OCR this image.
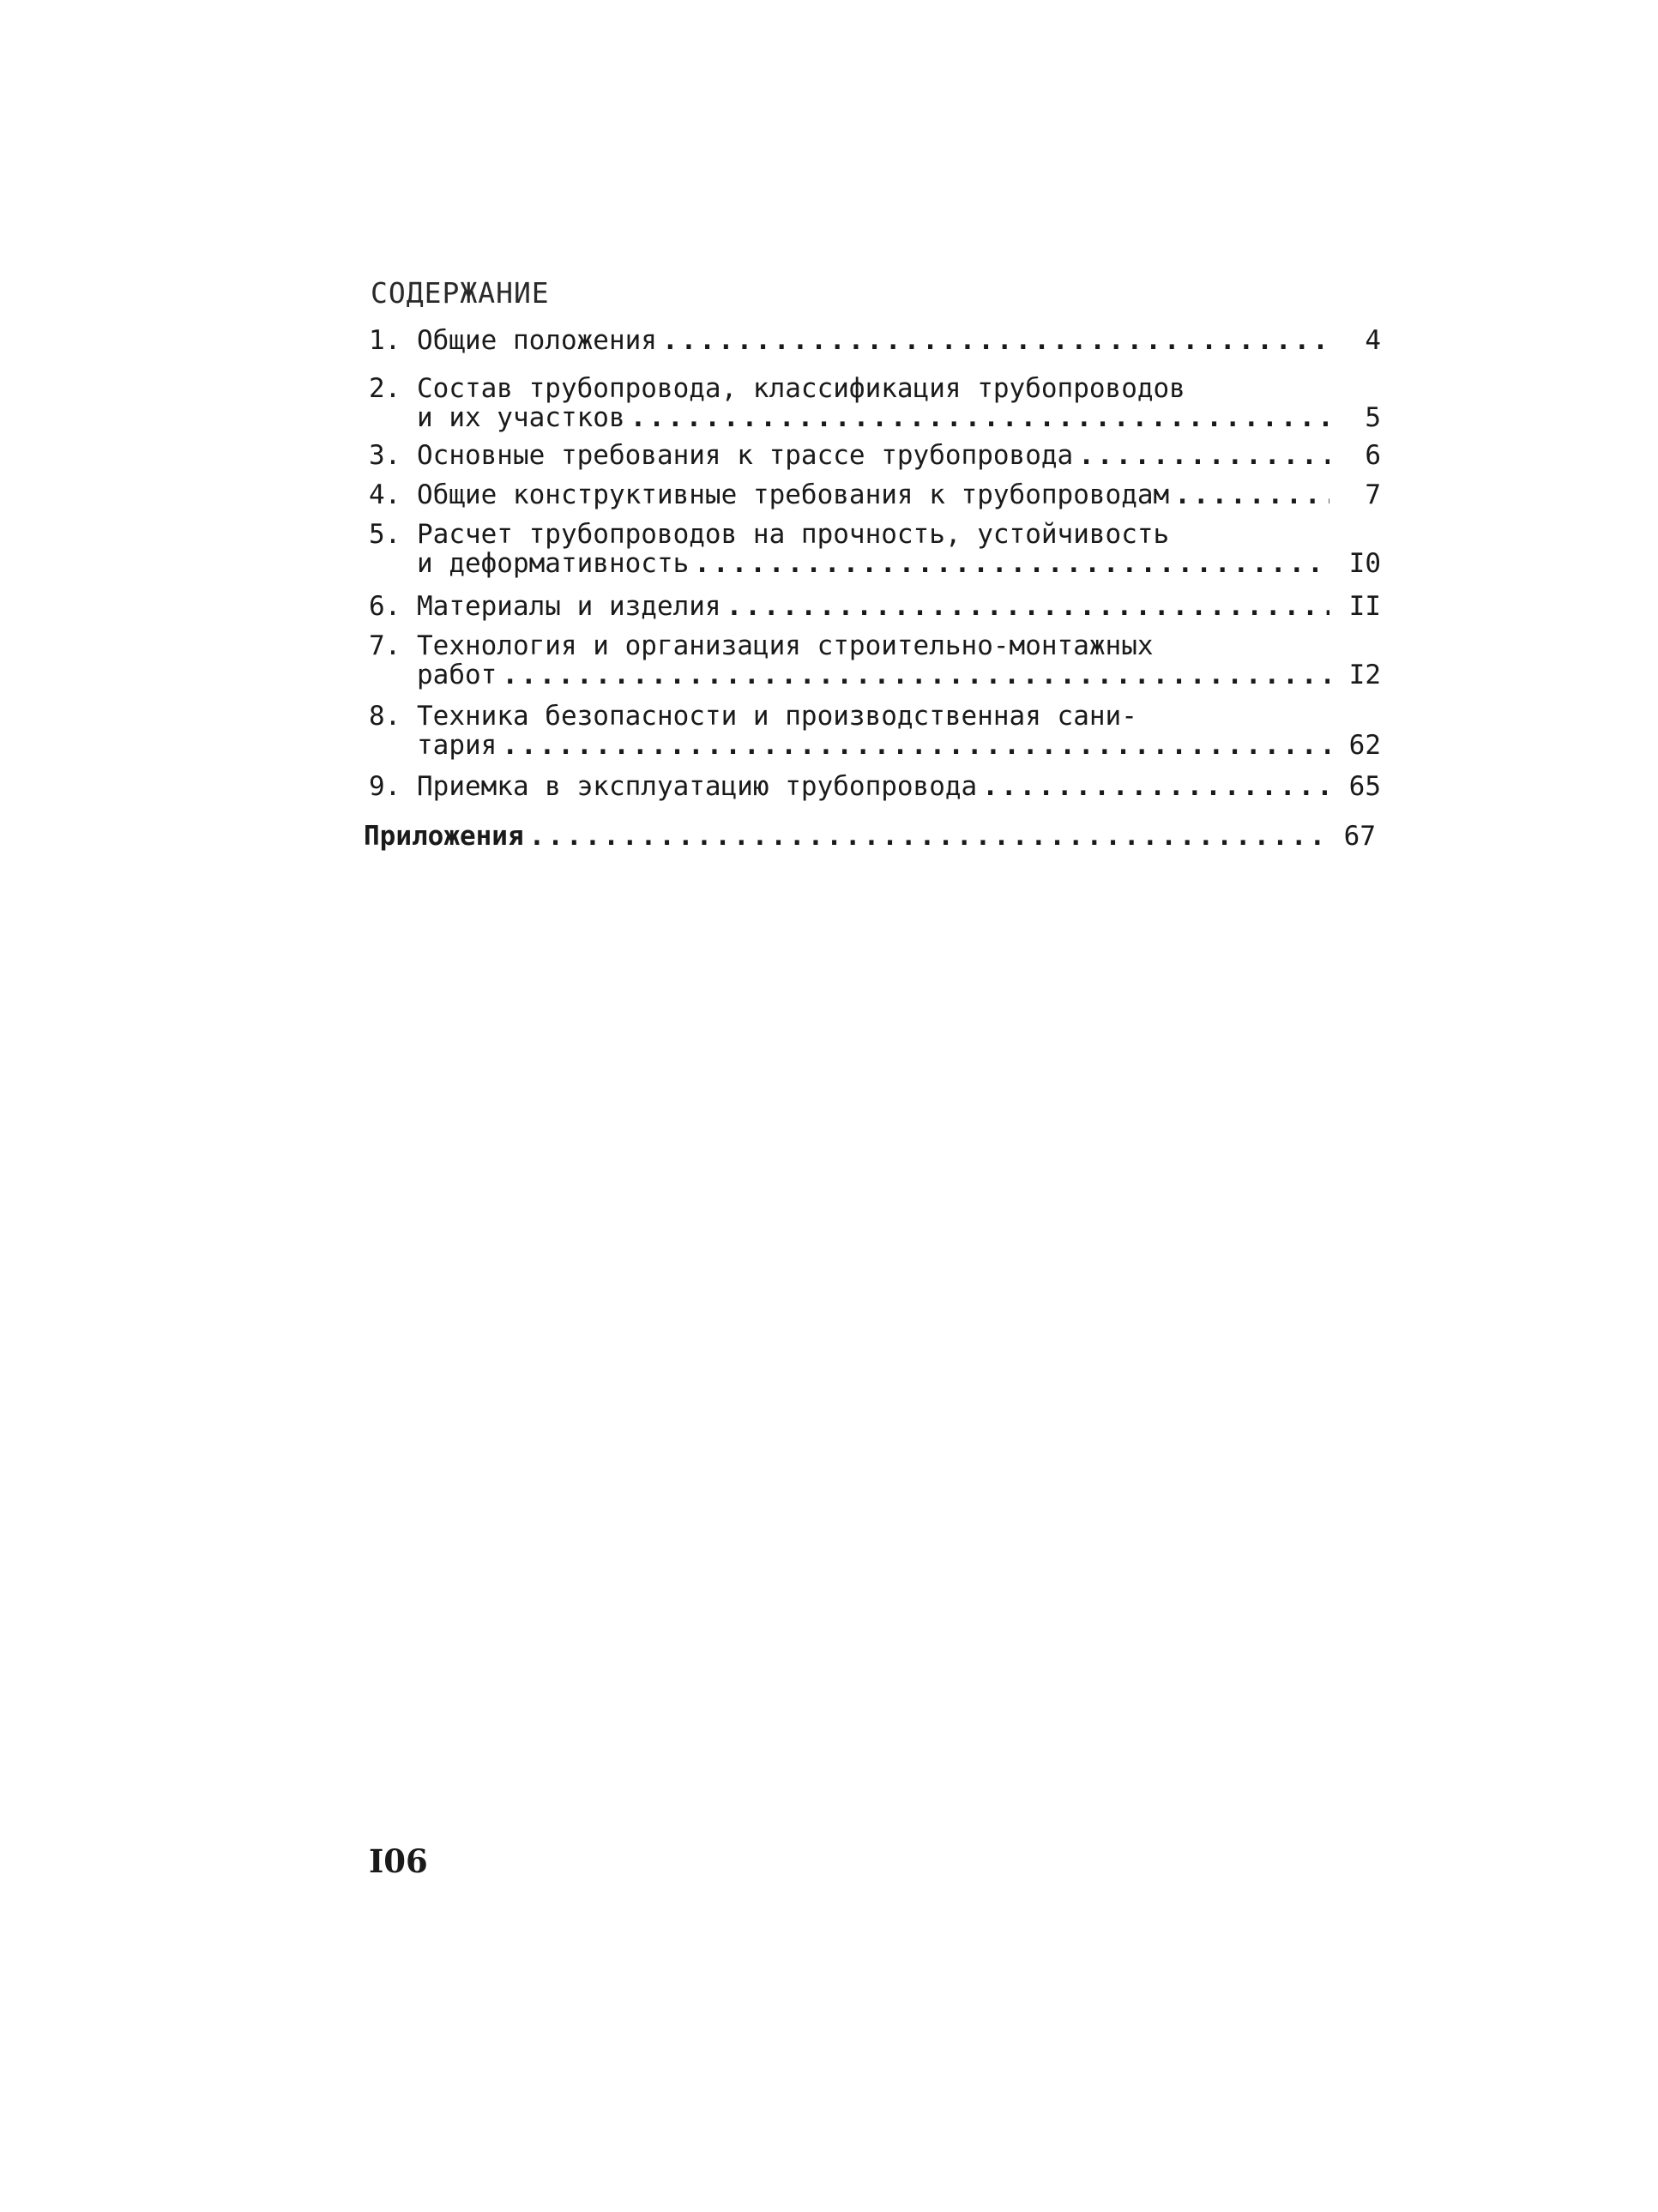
СОДЕРЖАНИЕ
1. Общие положения .....	4
2. Состав трубопровода, классификация трубопроводов
и их участков .....	5
3. Основные требования к трассе трубопровода .....	6
4. Общие конструктивные требования к трубопроводам .....	7
5. Расчет трубопроводов на прочность, устойчивость
и деформативность .....	I0
6. Материалы и изделия .....	II
7. Технология и организация строительно-монтажных
работ .....	I2
8. Техника безопасности и производственная сани-
тария .....	62
9. Приемка в эксплуатацию трубопровода .....	65
Приложения .....	67
I06
